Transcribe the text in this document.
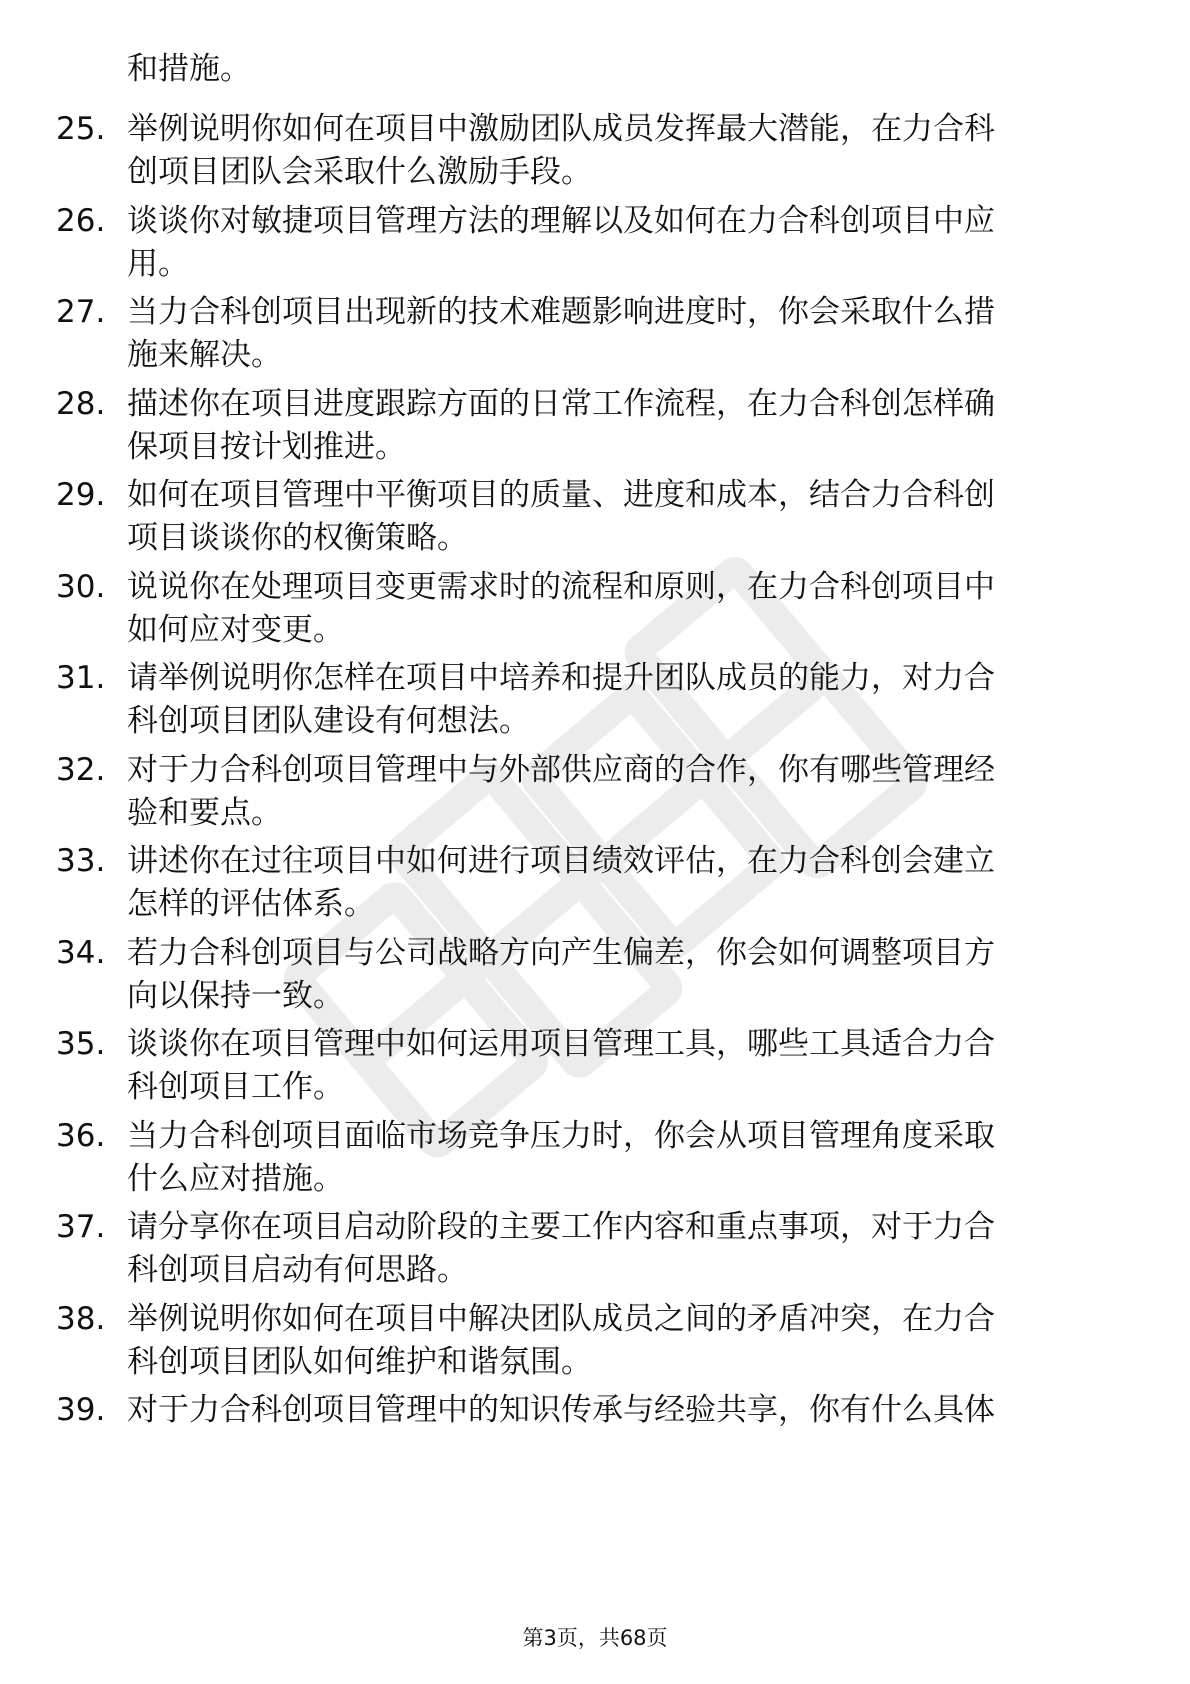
和措施。
25. 举例说明你如何在项目中激励团队成员发挥最大潜能，在力合科
创项目团队会采取什么激励手段。
26. 谈谈你对敏捷项目管理方法的理解以及如何在力合科创项目中应
用。
27. 当力合科创项目出现新的技术难题影响进度时，你会采取什么措
施来解决。
28. 描述你在项目进度跟踪方面的日常工作流程，在力合科创怎样确
保项目按计划推进。
29. 如何在项目管理中平衡项目的质量、进度和成本，结合力合科创
项目谈谈你的权衡策略。
30. 说说你在处理项目变更需求时的流程和原则，在力合科创项目中
如何应对变更。
31. 请举例说明你怎样在项目中培养和提升团队成员的能力，对力合
科创项目团队建设有何想法。
32. 对于力合科创项目管理中与外部供应商的合作，你有哪些管理经
验和要点。
33. 讲述你在过往项目中如何进行项目绩效评估，在力合科创会建立
怎样的评估体系。
34. 若力合科创项目与公司战略方向产生偏差，你会如何调整项目方
向以保持一致。
35. 谈谈你在项目管理中如何运用项目管理工具，哪些工具适合力合
科创项目工作。
36. 当力合科创项目面临市场竞争压力时，你会从项目管理角度采取
什么应对措施。
37. 请分享你在项目启动阶段的主要工作内容和重点事项，对于力合
科创项目启动有何思路。
38. 举例说明你如何在项目中解决团队成员之间的矛盾冲突，在力合
科创项目团队如何维护和谐氛围。
39. 对于力合科创项目管理中的知识传承与经验共享，你有什么具体
第3页，共68页
